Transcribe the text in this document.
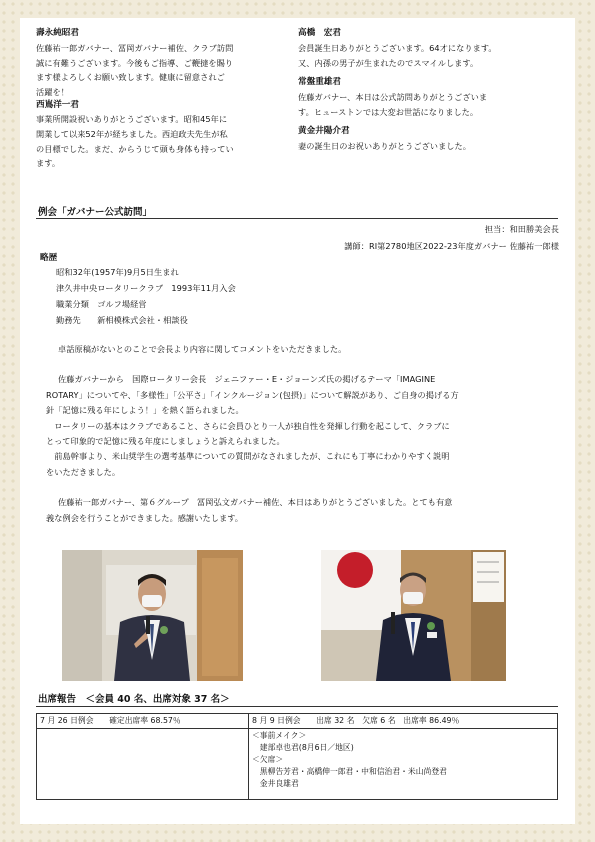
壽永純昭君
佐藤祐一郎ガバナー、冨岡ガバナー補佐、クラブ訪問
誠に有難うございます。今後もご指導、ご鞭撻を賜り
ます様よろしくお願い致します。健康に留意されご
活躍を！
西嶌洋一君
事業所開設祝いありがとうございます。昭和45年に
開業して以来52年が経ちました。西迫政夫先生が私
の目標でした。まだ、からうじて頭も身体も持ってい
ます。
高橋　宏君
会員誕生日ありがとうございます。64才になります。
又、内孫の男子が生まれたのでスマイルします。
常盤重雄君
佐藤ガバナー、本日は公式訪問ありがとうございま
す。ヒューストンでは大変お世話になりました。
黄金井陽介君
妻の誕生日のお祝いありがとうございました。
例会「ガバナー公式訪問」
担当：和田勝美会長
講師：RI第2780地区2022-23年度ガバナー 佐藤祐一郎様
略歴
昭和32年(1957年)9月5日生まれ
津久井中央ロータリークラブ　1993年11月入会
職業分類　ゴルフ場経営
勤務先　　新相模株式会社・相談役
卓話原稿がないとのことで会長より内容に関してコメントをいただきました。
佐藤ガバナーから　国際ロータリー会長　ジェニファー・E・ジョーンズ氏の掲げるテーマ「IMAGINE
ROTARY」についてや、「多様性」「公平さ」「インクルージョン(包摂)」について解説があり、ご自身の掲げる方
針「記憶に残る年にしよう！」を熱く語られました。
　ロータリーの基本はクラブであること、さらに会員ひとり一人が独自性を発揮し行動を起こして、クラブに
とって印象的で記憶に残る年度にしましょうと訴えられました。
　前島幹事より、米山奨学生の選考基準についての質問がなされましたが、これにも丁寧にわかりやすく説明
をいただきました。
佐藤祐一郎ガバナー、第６グループ　冨岡弘文ガバナー補佐、本日はありがとうございました。とても有意
義な例会を行うことができました。感謝いたします。
出席報告　＜会員 40 名、出席対象 37 名＞
7 月 26 日例会　　確定出席率 68.57％	8 月 9 日例会　　出席 32 名　欠席 6 名　出席率 86.49％

	＜事前メイク＞
　建部卓也君(8月6日／地区)
＜欠席＞
　黒柳告芳君・高橋伸一郎君・中和信治君・米山尚登君
　金井良雄君
